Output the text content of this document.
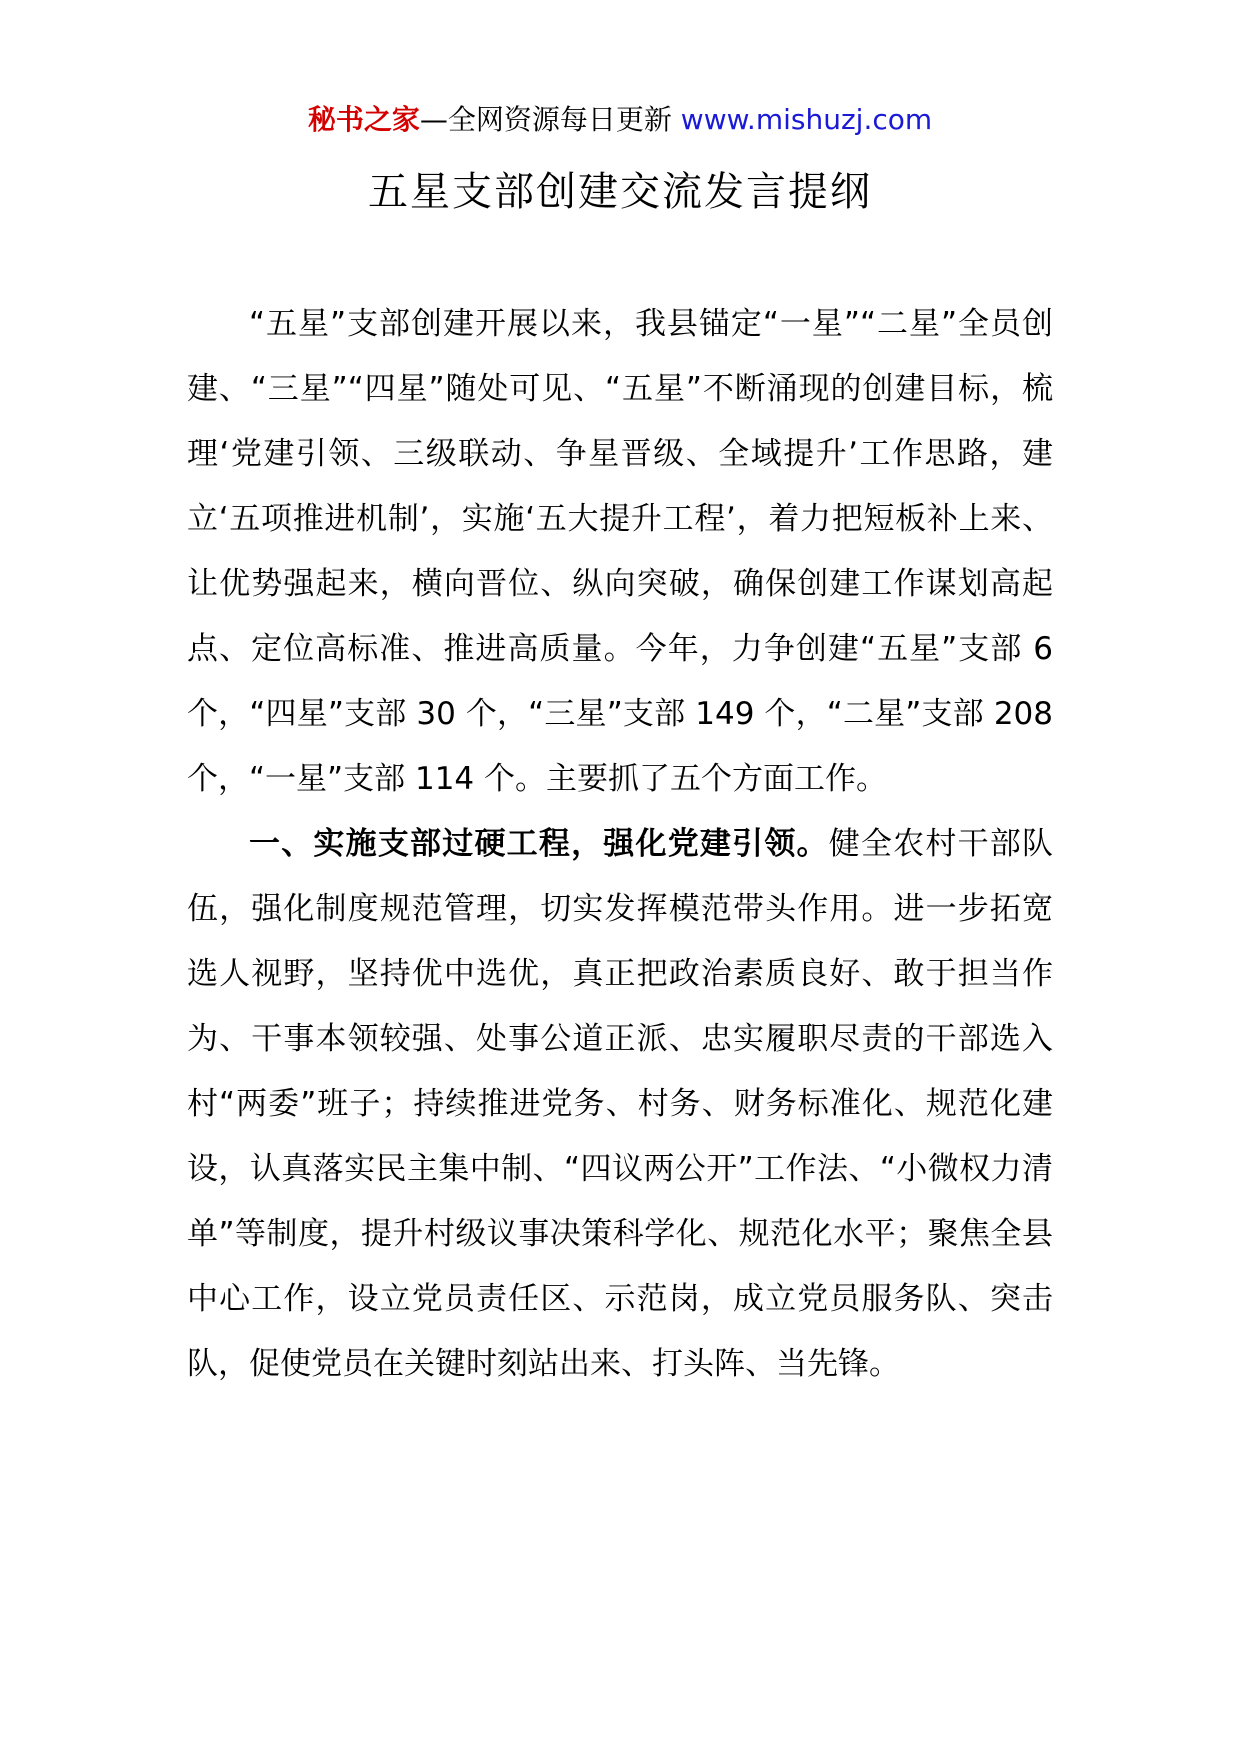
秘书之家—全网资源每日更新 www.mishuzj.com
五星支部创建交流发言提纲

“五星”支部创建开展以来，我县锚定“一星”“二星”全员创建、“三星”“四星”随处可见、“五星”不断涌现的创建目标，梳理‘党建引领、三级联动、争星晋级、全域提升’工作思路，建立‘五项推进机制’，实施‘五大提升工程’，着力把短板补上来、让优势强起来，横向晋位、纵向突破，确保创建工作谋划高起点、定位高标准、推进高质量。今年，力争创建“五星”支部 6 个，“四星”支部 30 个，“三星”支部 149 个，“二星”支部 208 个，“一星”支部 114 个。主要抓了五个方面工作。

一、实施支部过硬工程，强化党建引领。健全农村干部队伍，强化制度规范管理，切实发挥模范带头作用。进一步拓宽选人视野，坚持优中选优，真正把政治素质良好、敢于担当作为、干事本领较强、处事公道正派、忠实履职尽责的干部选入村“两委”班子；持续推进党务、村务、财务标准化、规范化建设，认真落实民主集中制、“四议两公开”工作法、“小微权力清单”等制度，提升村级议事决策科学化、规范化水平；聚焦全县中心工作，设立党员责任区、示范岗，成立党员服务队、突击队，促使党员在关键时刻站出来、打头阵、当先锋。
